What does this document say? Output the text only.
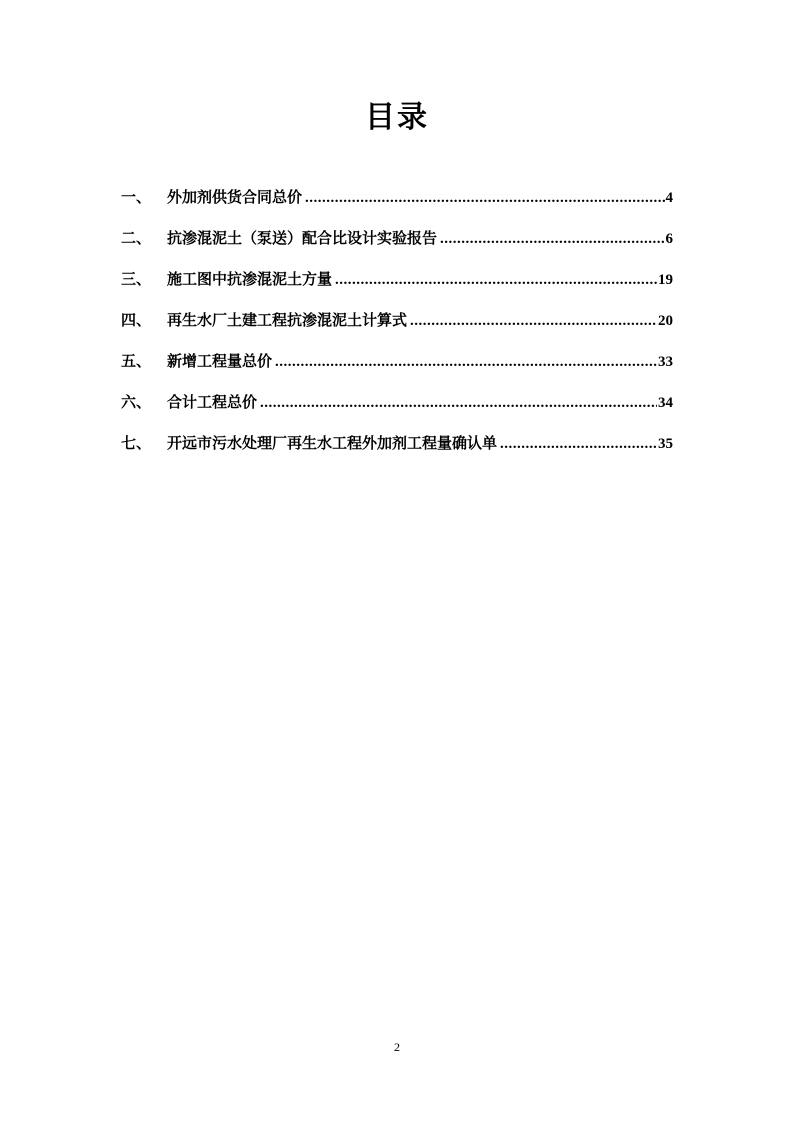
目录
一、	外加剂供货合同总价 .....	4
二、	抗渗混泥土（泵送）配合比设计实验报告 .....	6
三、	施工图中抗渗混泥土方量 .....	19
四、	再生水厂土建工程抗渗混泥土计算式 .....	20
五、	新增工程量总价 .....	33
六、	合计工程总价 .....	34
七、	开远市污水处理厂再生水工程外加剂工程量确认单 .....	35
2
